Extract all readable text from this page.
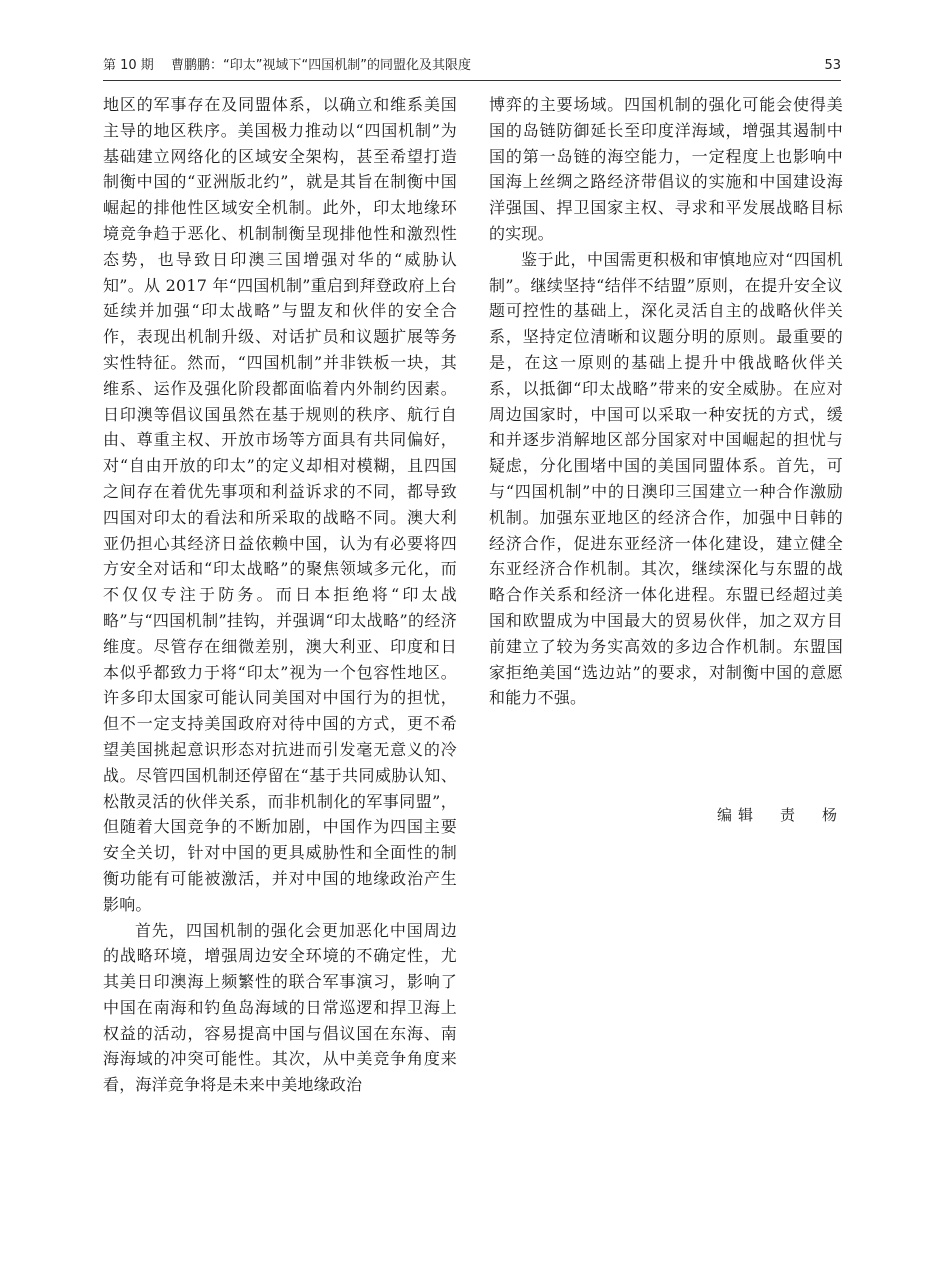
第 10 期 曹鹏鹏：“印太”视域下“四国机制”的同盟化及其限度	53

地区的军事存在及同盟体系，以确立和维系美国主导的地区秩序。美国极力推动以“四国机制”为基础建立网络化的区域安全架构，甚至希望打造制衡中国的“亚洲版北约”，就是其旨在制衡中国崛起的排他性区域安全机制。此外，印太地缘环境竞争趋于恶化、机制制衡呈现排他性和激烈性态势，也导致日印澳三国增强对华的“威胁认知”。从 2017 年“四国机制”重启到拜登政府上台延续并加强“印太战略”与盟友和伙伴的安全合作，表现出机制升级、对话扩员和议题扩展等务实性特征。然而，“四国机制”并非铁板一块，其维系、运作及强化阶段都面临着内外制约因素。日印澳等倡议国虽然在基于规则的秩序、航行自由、尊重主权、开放市场等方面具有共同偏好，对“自由开放的印太”的定义却相对模糊，且四国之间存在着优先事项和利益诉求的不同，都导致四国对印太的看法和所采取的战略不同。澳大利亚仍担心其经济日益依赖中国，认为有必要将四方安全对话和“印太战略”的聚焦领域多元化，而不仅仅专注于防务。而日本拒绝将“印太战略”与“四国机制”挂钩，并强调“印太战略”的经济维度。尽管存在细微差别，澳大利亚、印度和日本似乎都致力于将“印太”视为一个包容性地区。许多印太国家可能认同美国对中国行为的担忧，但不一定支持美国政府对待中国的方式，更不希望美国挑起意识形态对抗进而引发毫无意义的冷战。尽管四国机制还停留在“基于共同威胁认知、松散灵活的伙伴关系，而非机制化的军事同盟”，但随着大国竞争的不断加剧，中国作为四国主要安全关切，针对中国的更具威胁性和全面性的制衡功能有可能被激活，并对中国的地缘政治产生影响。

首先，四国机制的强化会更加恶化中国周边的战略环境，增强周边安全环境的不确定性，尤其美日印澳海上频繁性的联合军事演习，影响了中国在南海和钓鱼岛海域的日常巡逻和捍卫海上权益的活动，容易提高中国与倡议国在东海、南海海域的冲突可能性。其次，从中美竞争角度来看，海洋竞争将是未来中美地缘政治

博弈的主要场域。四国机制的强化可能会使得美国的岛链防御延长至印度洋海域，增强其遏制中国的第一岛链的海空能力，一定程度上也影响中国海上丝绸之路经济带倡议的实施和中国建设海洋强国、捍卫国家主权、寻求和平发展战略目标的实现。

鉴于此，中国需更积极和审慎地应对“四国机制”。继续坚持“结伴不结盟”原则，在提升安全议题可控性的基础上，深化灵活自主的战略伙伴关系，坚持定位清晰和议题分明的原则。最重要的是，在这一原则的基础上提升中俄战略伙伴关系，以抵御“印太战略”带来的安全威胁。在应对周边国家时，中国可以采取一种安抚的方式，缓和并逐步消解地区部分国家对中国崛起的担忧与疑虑，分化围堵中国的美国同盟体系。首先，可与“四国机制”中的日澳印三国建立一种合作激励机制。加强东亚地区的经济合作，加强中日韩的经济合作，促进东亚经济一体化建设，建立健全东亚经济合作机制。其次，继续深化与东盟的战略合作关系和经济一体化进程。东盟已经超过美国和欧盟成为中国最大的贸易伙伴，加之双方目前建立了较为务实高效的多边合作机制。东盟国家拒绝美国“选边站”的要求，对制衡中国的意愿和能力不强。

编辑　责　杨
